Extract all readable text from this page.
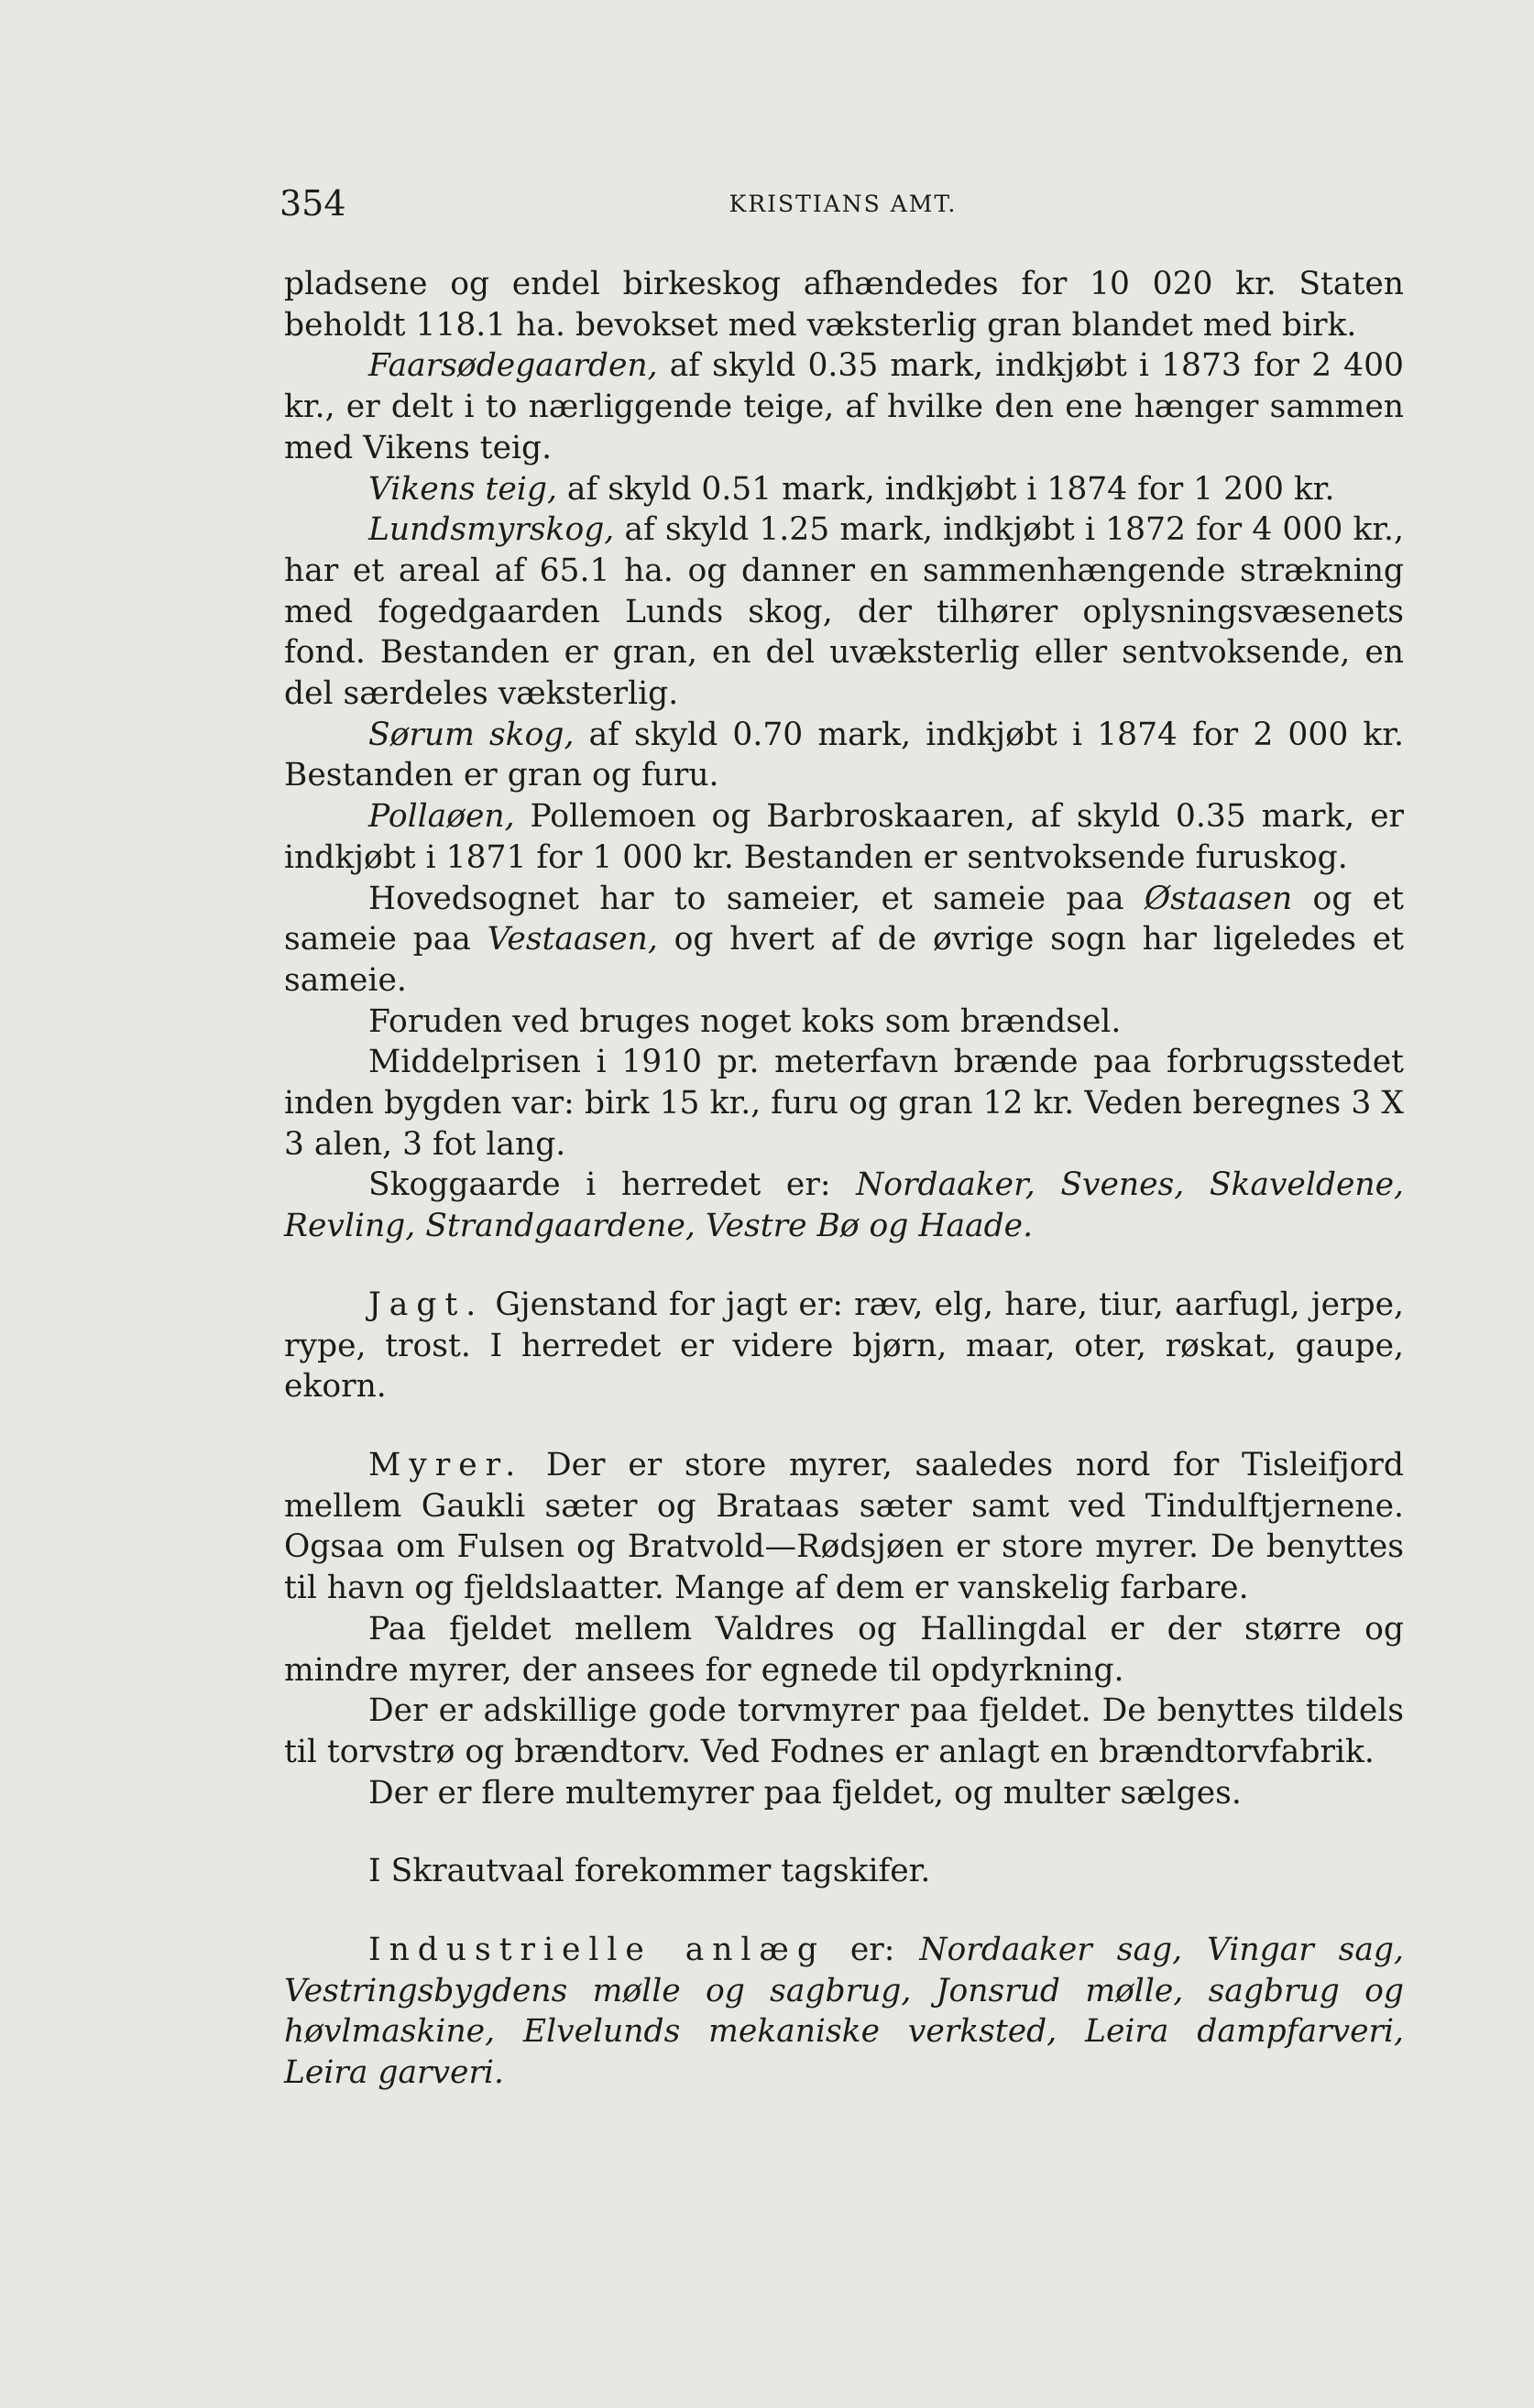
354	KRISTIANS AMT.

pladsene og endel birkeskog afhændedes for 10 020 kr. Staten beholdt 118.1 ha. bevokset med væksterlig gran blandet med birk.

Faarsødegaarden, af skyld 0.35 mark, indkjøbt i 1873 for 2 400 kr., er delt i to nærliggende teige, af hvilke den ene hænger sammen med Vikens teig.

Vikens teig, af skyld 0.51 mark, indkjøbt i 1874 for 1 200 kr.

Lundsmyrskog, af skyld 1.25 mark, indkjøbt i 1872 for 4 000 kr., har et areal af 65.1 ha. og danner en sammenhængende strækning med fogedgaarden Lunds skog, der tilhører oplysningsvæsenets fond. Bestanden er gran, en del uvæksterlig eller sentvoksende, en del særdeles væksterlig.

Sørum skog, af skyld 0.70 mark, indkjøbt i 1874 for 2 000 kr. Bestanden er gran og furu.

Pollaøen, Pollemoen og Barbroskaaren, af skyld 0.35 mark, er indkjøbt i 1871 for 1 000 kr. Bestanden er sentvoksende furuskog.

Hovedsognet har to sameier, et sameie paa Østaasen og et sameie paa Vestaasen, og hvert af de øvrige sogn har ligeledes et sameie.

Foruden ved bruges noget koks som brændsel.

Middelprisen i 1910 pr. meterfavn brænde paa forbrugsstedet inden bygden var: birk 15 kr., furu og gran 12 kr. Veden beregnes 3 X 3 alen, 3 fot lang.

Skoggaarde i herredet er: Nordaaker, Svenes, Skaveldene, Revling, Strandgaardene, Vestre Bø og Haade.

Jagt. Gjenstand for jagt er: ræv, elg, hare, tiur, aarfugl, jerpe, rype, trost. I herredet er videre bjørn, maar, oter, røskat, gaupe, ekorn.

Myrer. Der er store myrer, saaledes nord for Tisleifjord mellem Gaukli sæter og Brataas sæter samt ved Tindulftjernene. Ogsaa om Fulsen og Bratvold—Rødsjøen er store myrer. De benyttes til havn og fjeldslaatter. Mange af dem er vanskelig farbare.

Paa fjeldet mellem Valdres og Hallingdal er der større og mindre myrer, der ansees for egnede til opdyrkning.

Der er adskillige gode torvmyrer paa fjeldet. De benyttes tildels til torvstrø og brændtorv. Ved Fodnes er anlagt en brændtorvfabrik.

Der er flere multemyrer paa fjeldet, og multer sælges.

I Skrautvaal forekommer tagskifer.

Industrielle anlæg er: Nordaaker sag, Vingar sag, Vestringsbygdens mølle og sagbrug, Jonsrud mølle, sagbrug og høvlmaskine, Elvelunds mekaniske verksted, Leira dampfarveri, Leira garveri.
